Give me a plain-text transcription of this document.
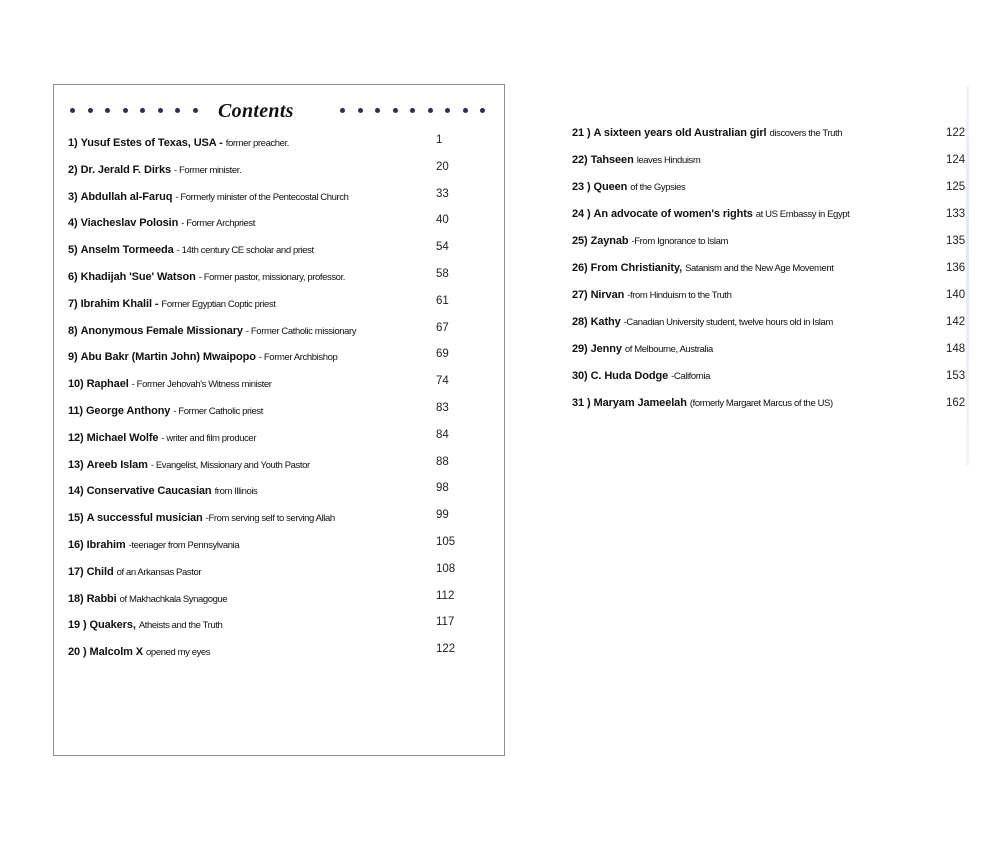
Contents
1) Yusuf Estes of Texas, USA - former preacher.	1
2) Dr. Jerald F. Dirks - Former minister.	20
3) Abdullah al-Faruq - Formerly minister of the Pentecostal Church	33
4) Viacheslav Polosin - Former Archpriest	40
5) Anselm Tormeeda - 14th century CE scholar and priest	54
6) Khadijah 'Sue' Watson - Former pastor, missionary, professor.	58
7) Ibrahim Khalil - Former Egyptian Coptic priest	61
8) Anonymous Female Missionary - Former Catholic missionary	67
9) Abu Bakr (Martin John) Mwaipopo - Former Archbishop	69
10) Raphael - Former Jehovah's Witness minister	74
11) George Anthony - Former Catholic priest	83
12) Michael Wolfe - writer and film producer	84
13) Areeb Islam - Evangelist, Missionary and Youth Pastor	88
14) Conservative Caucasian from Illinois	98
15) A successful musician -From serving self to serving Allah	99
16) Ibrahim -teenager from Pennsylvania	105
17) Child of an Arkansas Pastor	108
18) Rabbi of Makhachkala Synagogue	112
19 ) Quakers, Atheists and the Truth	117
20 ) Malcolm X opened my eyes	122
21 ) A sixteen years old Australian girl discovers the Truth	122
22) Tahseen leaves Hinduism	124
23 ) Queen of the Gypsies	125
24 ) An advocate of women's rights at US Embassy in Egypt	133
25) Zaynab -From Ignorance to Islam	135
26) From Christianity, Satanism and the New Age Movement	136
27) Nirvan -from Hinduism to the Truth	140
28) Kathy -Canadian University student, twelve hours old in Islam	142
29) Jenny of Melbourne, Australia	148
30) C. Huda Dodge -California	153
31 ) Maryam Jameelah (formerly Margaret Marcus of the US)	162
